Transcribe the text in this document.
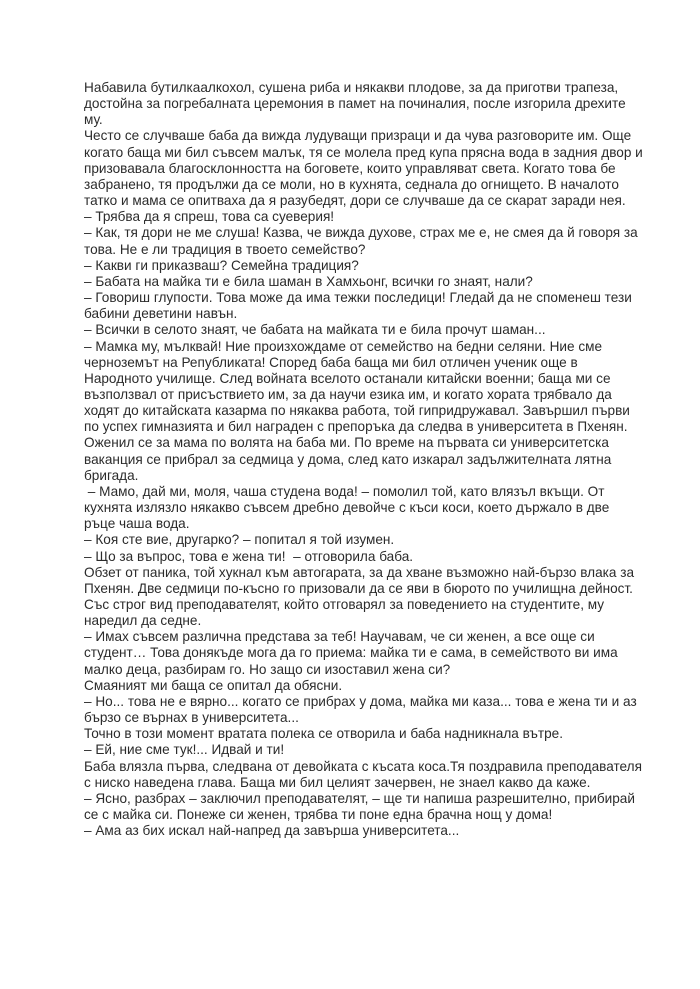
Набавила бутилкаалкохол, сушена риба и някакви плодове, за да приготви трапеза, достойна за погребалната церемония в памет на починалия, после изгорила дрехите му.

Често се случваше баба да вижда лудуващи призраци и да чува разговорите им. Още когато баща ми бил съвсем малък, тя се молела пред купа прясна вода в задния двор и призовавала благосклонността на боговете, които управляват света. Когато това бе забранено, тя продължи да се моли, но в кухнята, седнала до огнището. В началото татко и мама се опитваха да я разубедят, дори се случваше да се скарат заради нея.

– Трябва да я спреш, това са суеверия!

– Как, тя дори не ме слуша! Казва, че вижда духове, страх ме е, не смея да й говоря за това. Не е ли традиция в твоето семейство?

– Какви ги приказваш? Семейна традиция?

– Бабата на майка ти е била шаман в Хамхьонг, всички го знаят, нали?

– Говориш глупости. Това може да има тежки последици! Гледай да не споменеш тези бабини деветини навън.

– Всички в селото знаят, че бабата на майката ти е била прочут шаман...

– Мамка му, мълквай! Ние произхождаме от семейство на бедни селяни. Ние сме черноземът на Републиката! Според баба баща ми бил отличен ученик още в Народното училище. След войната вселото останали китайски военни; баща ми се възползвал от присъствието им, за да научи езика им, и когато хората трябвало да ходят до китайската казарма по някаква работа, той гипридружавал. Завършил първи по успех гимназията и бил награден с препоръка да следва в университета в Пхенян. Оженил се за мама по волята на баба ми. По време на първата си университетска ваканция се прибрал за седмица у дома, след като изкарал задължителната лятна бригада.

– Мамо, дай ми, моля, чаша студена вода! – помолил той, като влязъл вкъщи. От кухнята излязло някакво съвсем дребно девойче с къси коси, което държало в две ръце чаша вода.

– Коя сте вие, другарко? – попитал я той изумен.

– Що за въпрос, това е жена ти!  – отговорила баба.

Обзет от паника, той хукнал към автогарата, за да хване възможно най-бързо влака за Пхенян. Две седмици по-късно го призовали да се яви в бюрото по училищна дейност. Със строг вид преподавателят, който отговарял за поведението на студентите, му наредил да седне.

– Имах съвсем различна представа за теб! Научавам, че си женен, а все още си студент… Това донякъде мога да го приема: майка ти е сама, в семейството ви има малко деца, разбирам го. Но защо си изоставил жена си?

Смаяният ми баща се опитал да обясни.

– Но... това не е вярно... когато се прибрах у дома, майка ми каза... това е жена ти и аз бързо се върнах в университета...

Точно в този момент вратата полека се отворила и баба надникнала вътре.

– Ей, ние сме тук!... Идвай и ти!

Баба влязла първа, следвана от девойката с късата коса.Тя поздравила преподавателя с ниско наведена глава. Баща ми бил целият зачервен, не знаел какво да каже.

– Ясно, разбрах – заключил преподавателят, – ще ти напиша разрешително, прибирай се с майка си. Понеже си женен, трябва ти поне една брачна нощ у дома!

– Ама аз бих искал най-напред да завърша университета...
